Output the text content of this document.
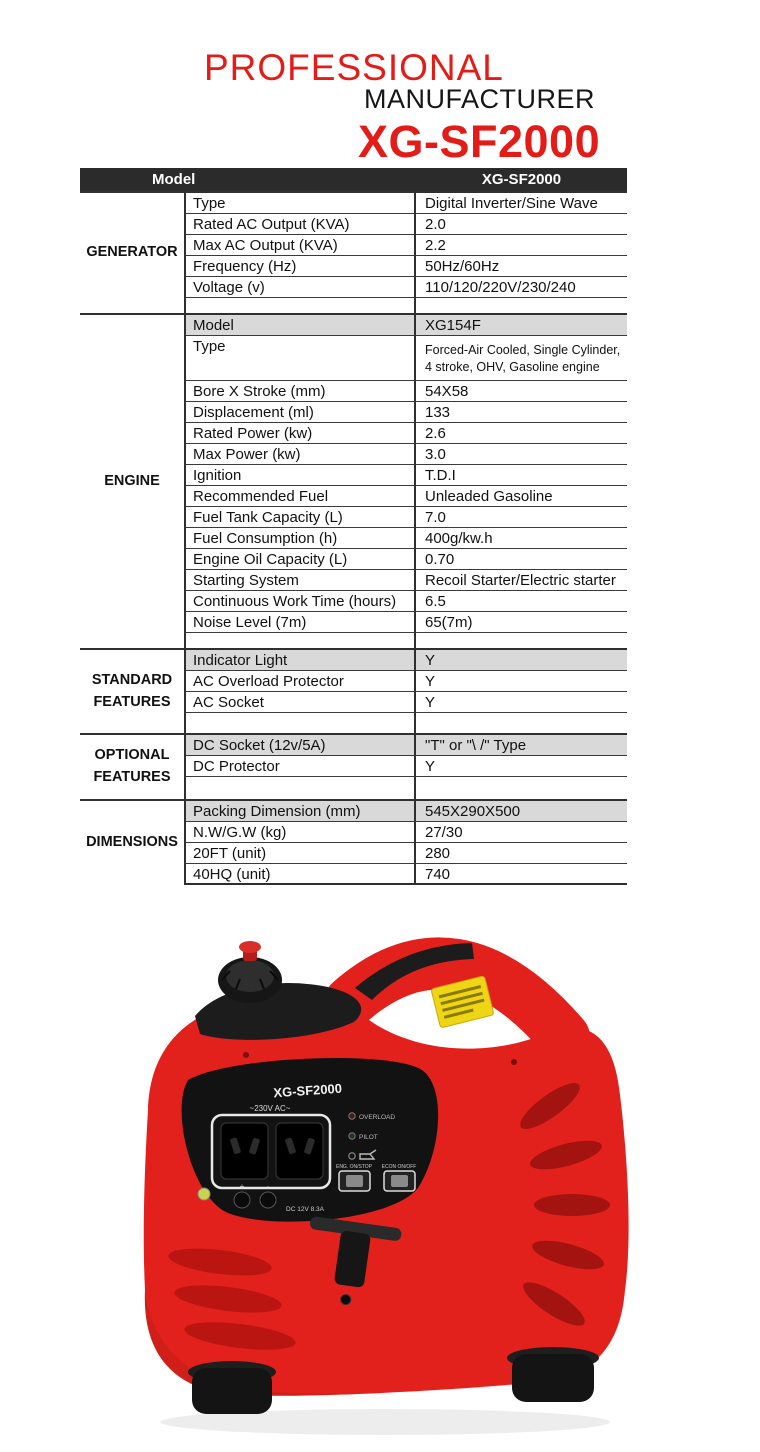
PROFESSIONAL
MANUFACTURER
XG-SF2000
Model	XG-SF2000
GENERATOR
Type	Digital Inverter/Sine Wave
Rated AC Output (KVA)	2.0
Max AC Output (KVA)	2.2
Frequency (Hz)	50Hz/60Hz
Voltage (v)	110/120/220V/230/240
ENGINE
Model	XG154F
Type	Forced-Air Cooled, Single Cylinder, 4 stroke, OHV, Gasoline engine
Bore X Stroke (mm)	54X58
Displacement (ml)	133
Rated Power (kw)	2.6
Max Power (kw)	3.0
Ignition	T.D.I
Recommended Fuel	Unleaded Gasoline
Fuel Tank Capacity (L)	7.0
Fuel Consumption (h)	400g/kw.h
Engine Oil Capacity (L)	0.70
Starting System	Recoil Starter/Electric starter
Continuous Work Time (hours)	6.5
Noise Level (7m)	65(7m)
STANDARD FEATURES
Indicator Light	Y
AC Overload Protector	Y
AC Socket	Y
OPTIONAL FEATURES
DC Socket (12v/5A)	"T" or "\ /" Type
DC Protector	Y
DIMENSIONS
Packing Dimension (mm)	545X290X500
N.W/G.W (kg)	27/30
20FT (unit)	280
40HQ (unit)	740
XG-SF2000
~230V AC~
OVERLOAD
PILOT
ENG. ON/STOP ECON ON/OFF
+	-
DC 12V 8.3A
